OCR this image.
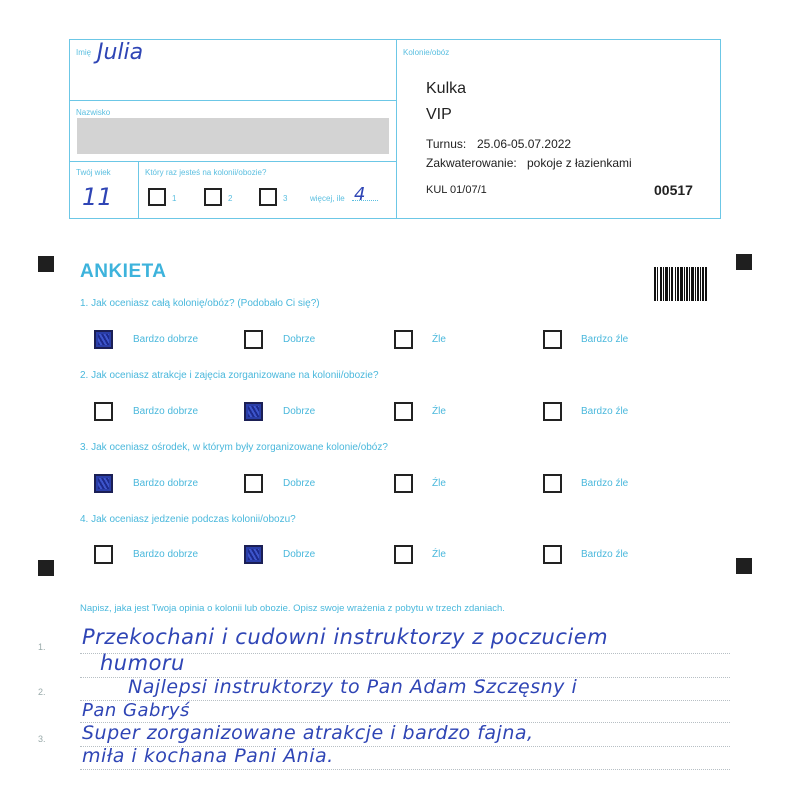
Imię Julia
Nazwisko
Twój wiek
11
Który raz jesteś na kolonii/obozie?
1	2	3	więcej, ile 4
Kolonie/obóz
Kulka
VIP
Turnus: 25.06-05.07.2022
Zakwaterowanie: pokoje z łazienkami
KUL 01/07/1	00517
ANKIETA
1. Jak oceniasz całą kolonię/obóz? (Podobało Ci się?)
Bardzo dobrze	Dobrze	Źle	Bardzo źle
2. Jak oceniasz atrakcje i zajęcia zorganizowane na kolonii/obozie?
Bardzo dobrze	Dobrze	Źle	Bardzo źle
3. Jak oceniasz ośrodek, w którym były zorganizowane kolonie/obóz?
Bardzo dobrze	Dobrze	Źle	Bardzo źle
4. Jak oceniasz jedzenie podczas kolonii/obozu?
Bardzo dobrze	Dobrze	Źle	Bardzo źle
Napisz, jaka jest Twoja opinia o kolonii lub obozie. Opisz swoje wrażenia z pobytu w trzech zdaniach.
1.
2.
3.
Przekochani i cudowni instruktorzy z poczuciem
humoru
Najlepsi instruktorzy to Pan Adam Szczęsny i
Pan Gabryś
Super zorganizowane atrakcje i bardzo fajna,
miła i kochana Pani Ania.
